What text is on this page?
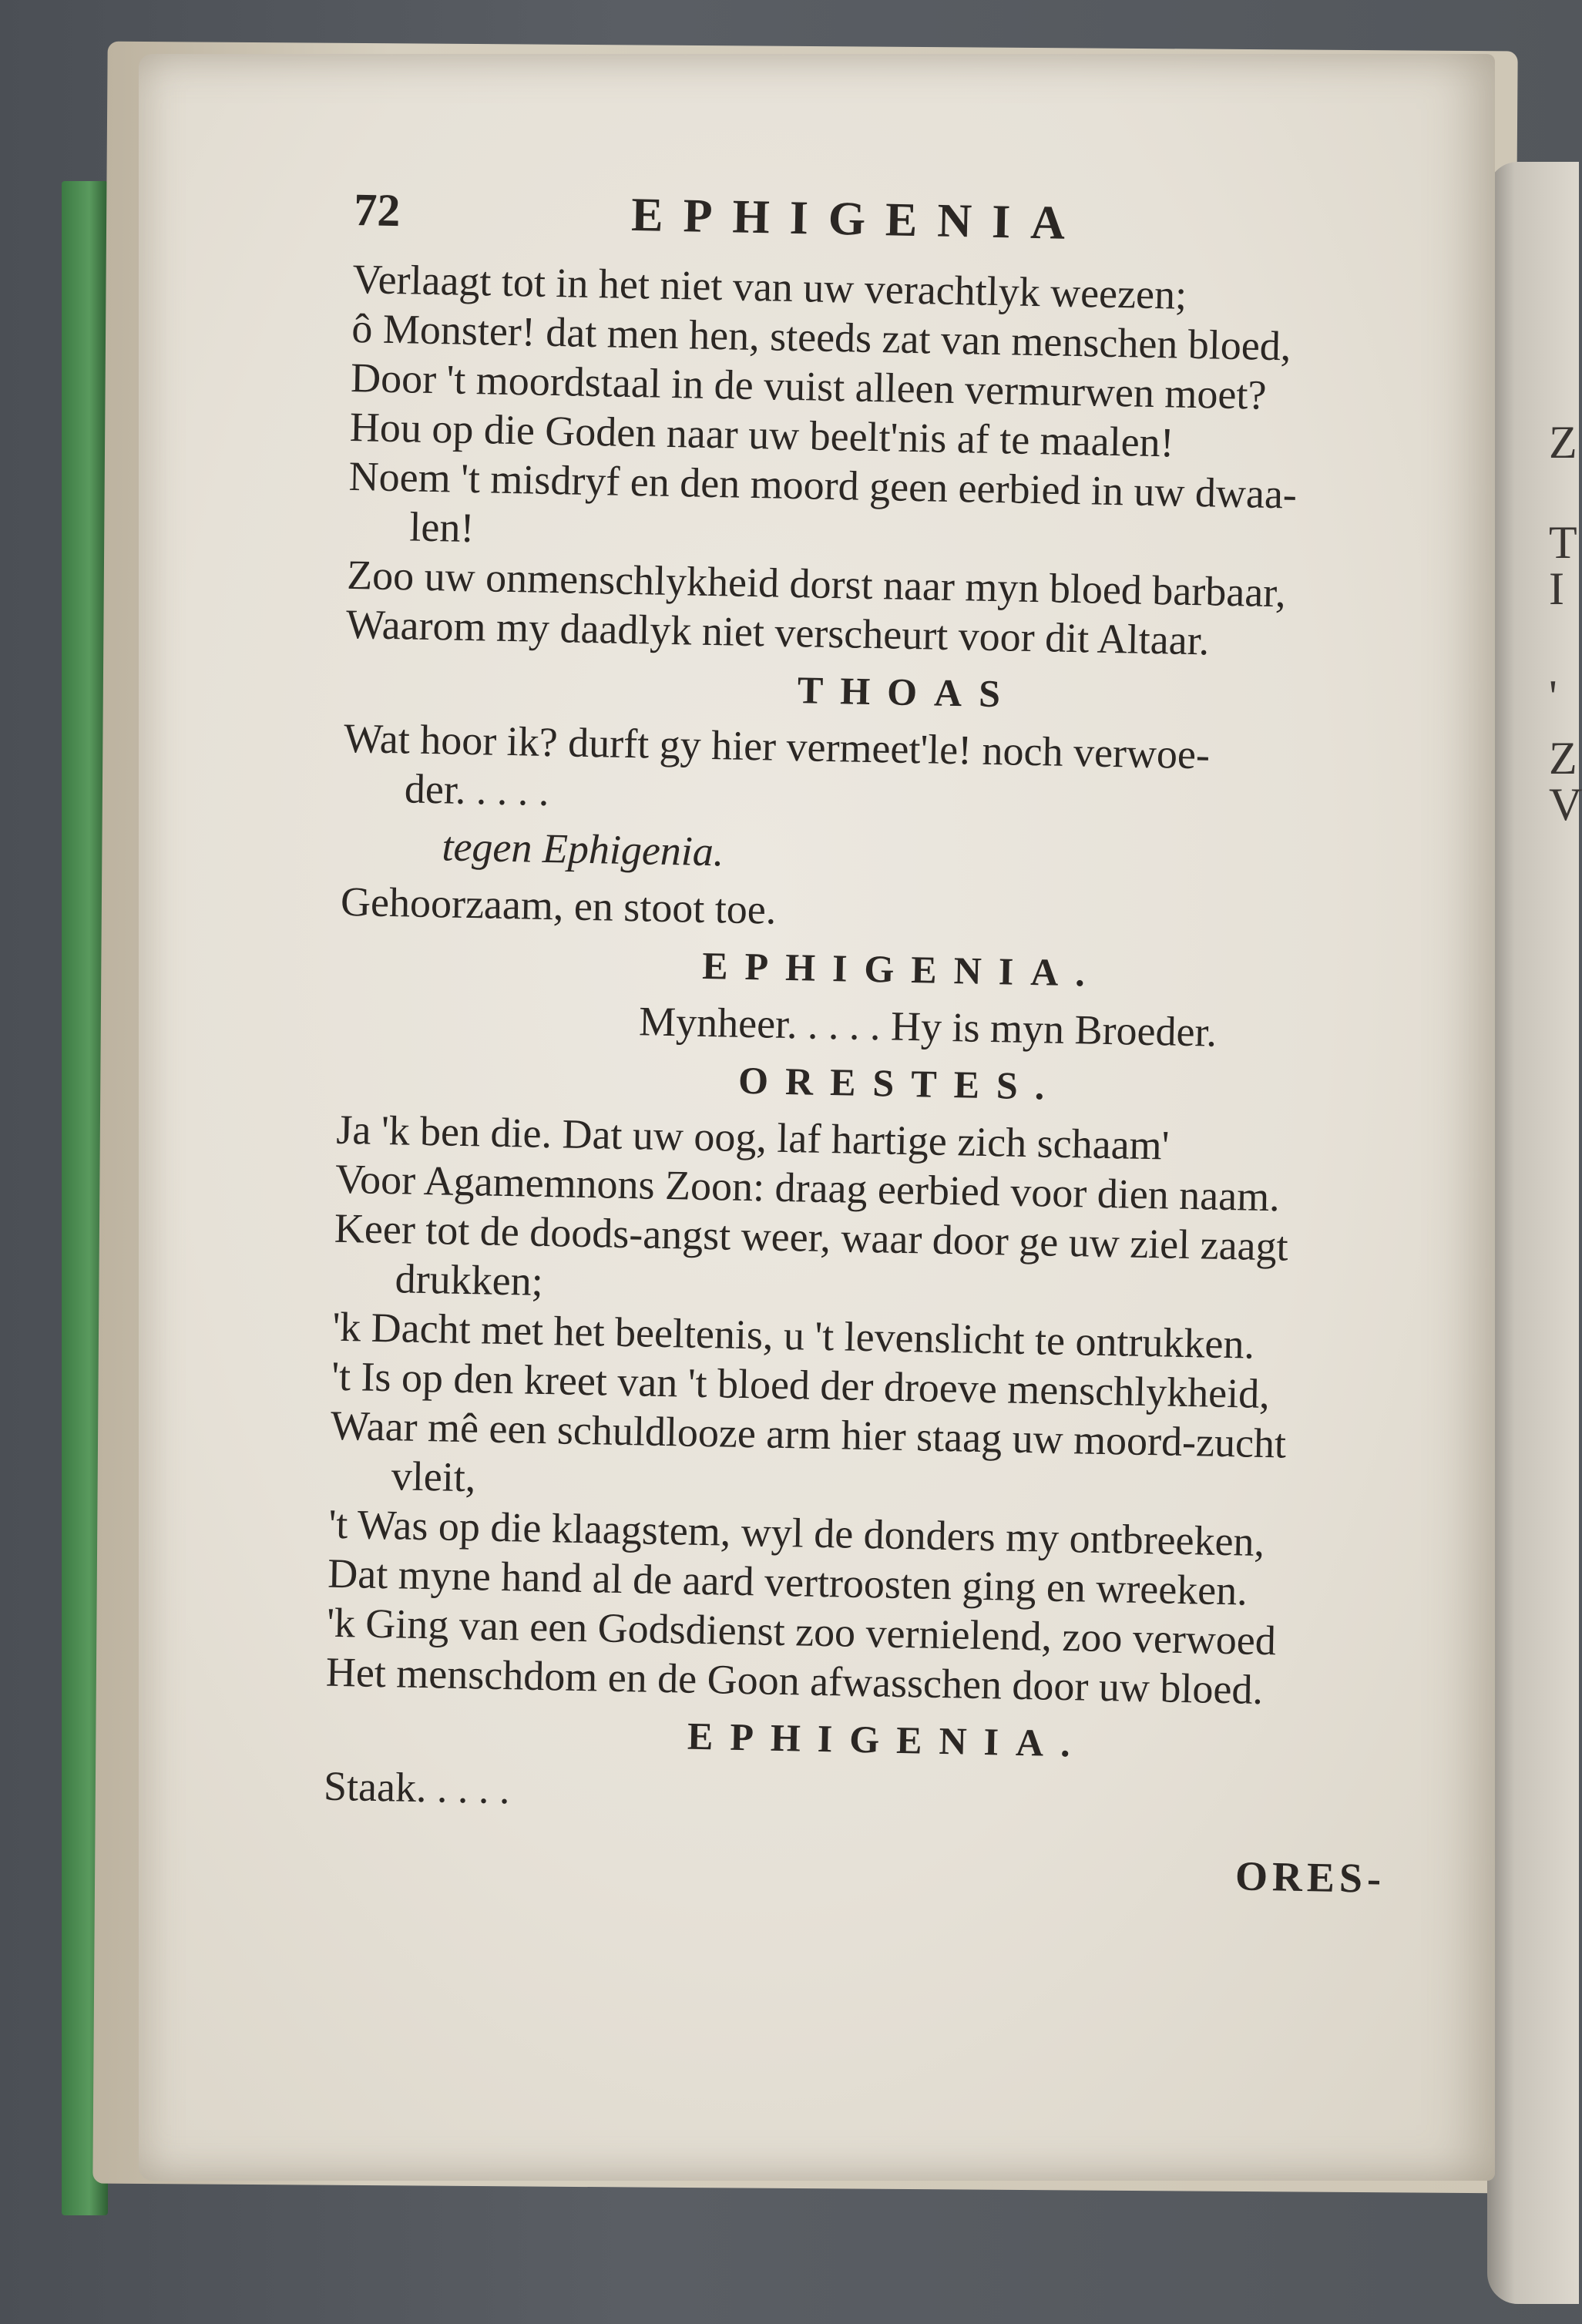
Z
T
I
'
Z
V
72	EPHIGENIA
Verlaagt tot in het niet van uw verachtlyk weezen;
ô Monster! dat men hen, steeds zat van menschen bloed,
Door 't moordstaal in de vuist alleen vermurwen moet?
Hou op die Goden naar uw beelt'nis af te maalen!
Noem 't misdryf en den moord geen eerbied in uw dwaa-
len!
Zoo uw onmenschlykheid dorst naar myn bloed barbaar,
Waarom my daadlyk niet verscheurt voor dit Altaar.
THOAS
Wat hoor ik? durft gy hier vermeet'le! noch verwoe-
der. . . . .
tegen Ephigenia.
Gehoorzaam, en stoot toe.
EPHIGENIA.
Mynheer. . . . . Hy is myn Broeder.
ORESTES.
Ja 'k ben die. Dat uw oog, laf hartige zich schaam'
Voor Agamemnons Zoon: draag eerbied voor dien naam.
Keer tot de doods-angst weer, waar door ge uw ziel zaagt
drukken;
'k Dacht met het beeltenis, u 't levenslicht te ontrukken.
't Is op den kreet van 't bloed der droeve menschlykheid,
Waar mê een schuldlooze arm hier staag uw moord-zucht
vleit,
't Was op die klaagstem, wyl de donders my ontbreeken,
Dat myne hand al de aard vertroosten ging en wreeken.
'k Ging van een Godsdienst zoo vernielend, zoo verwoed
Het menschdom en de Goon afwasschen door uw bloed.
EPHIGENIA.
Staak. . . . .
ORES-
